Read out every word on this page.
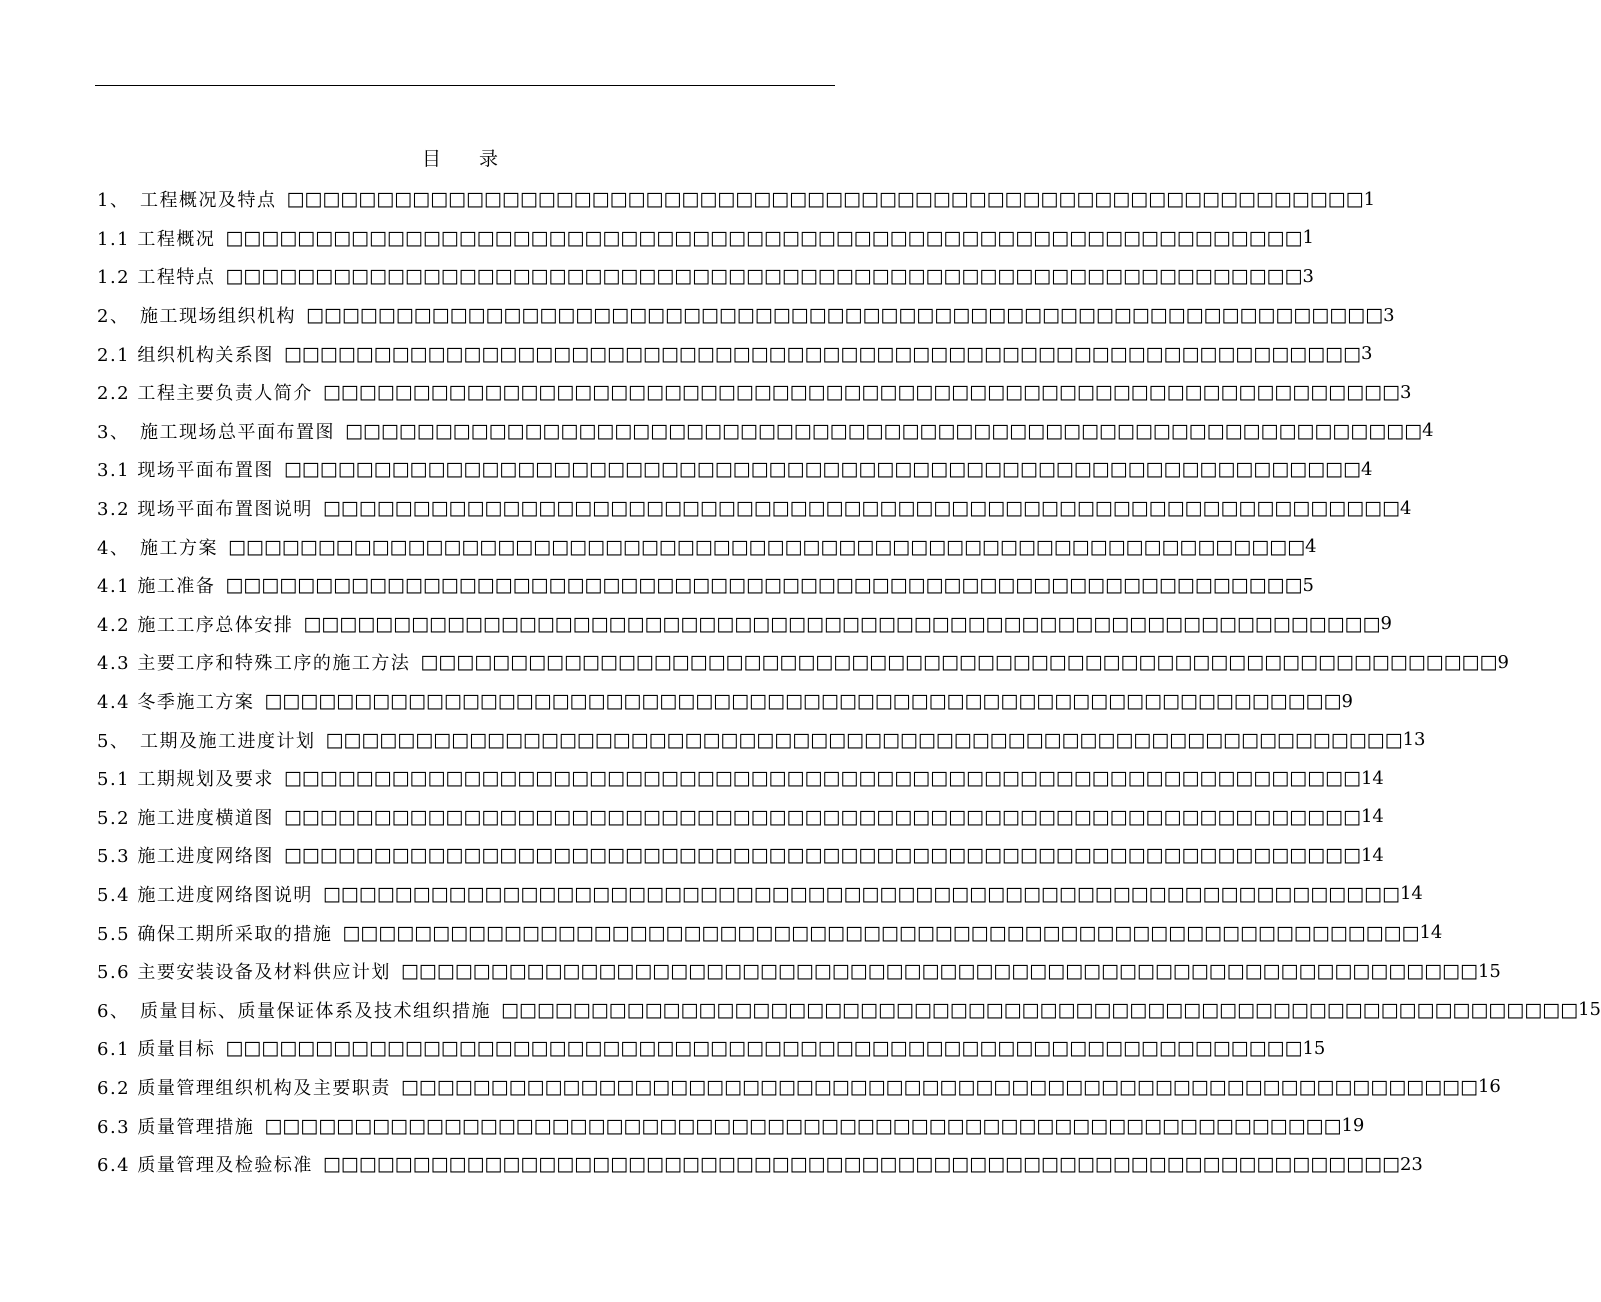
目　　录
1、　工程概况及特点 □□□□□□□□□□□□□□□□□□□□□□□□□□□□□□□□□□□□□□□□□□□□□□□□□□□□□□□□□□□□ 1
1.1 工程概况 □□□□□□□□□□□□□□□□□□□□□□□□□□□□□□□□□□□□□□□□□□□□□□□□□□□□□□□□□□□□ 1
1.2 工程特点 □□□□□□□□□□□□□□□□□□□□□□□□□□□□□□□□□□□□□□□□□□□□□□□□□□□□□□□□□□□□ 3
2、　施工现场组织机构 □□□□□□□□□□□□□□□□□□□□□□□□□□□□□□□□□□□□□□□□□□□□□□□□□□□□□□□□□□□□ 3
2.1 组织机构关系图 □□□□□□□□□□□□□□□□□□□□□□□□□□□□□□□□□□□□□□□□□□□□□□□□□□□□□□□□□□□□ 3
2.2 工程主要负责人简介 □□□□□□□□□□□□□□□□□□□□□□□□□□□□□□□□□□□□□□□□□□□□□□□□□□□□□□□□□□□□ 3
3、　施工现场总平面布置图 □□□□□□□□□□□□□□□□□□□□□□□□□□□□□□□□□□□□□□□□□□□□□□□□□□□□□□□□□□□□ 4
3.1 现场平面布置图 □□□□□□□□□□□□□□□□□□□□□□□□□□□□□□□□□□□□□□□□□□□□□□□□□□□□□□□□□□□□ 4
3.2 现场平面布置图说明 □□□□□□□□□□□□□□□□□□□□□□□□□□□□□□□□□□□□□□□□□□□□□□□□□□□□□□□□□□□□ 4
4、　施工方案 □□□□□□□□□□□□□□□□□□□□□□□□□□□□□□□□□□□□□□□□□□□□□□□□□□□□□□□□□□□□ 4
4.1 施工准备 □□□□□□□□□□□□□□□□□□□□□□□□□□□□□□□□□□□□□□□□□□□□□□□□□□□□□□□□□□□□ 5
4.2 施工工序总体安排 □□□□□□□□□□□□□□□□□□□□□□□□□□□□□□□□□□□□□□□□□□□□□□□□□□□□□□□□□□□□ 9
4.3 主要工序和特殊工序的施工方法 □□□□□□□□□□□□□□□□□□□□□□□□□□□□□□□□□□□□□□□□□□□□□□□□□□□□□□□□□□□□ 9
4.4 冬季施工方案 □□□□□□□□□□□□□□□□□□□□□□□□□□□□□□□□□□□□□□□□□□□□□□□□□□□□□□□□□□□□ 9
5、　工期及施工进度计划 □□□□□□□□□□□□□□□□□□□□□□□□□□□□□□□□□□□□□□□□□□□□□□□□□□□□□□□□□□□□ 13
5.1 工期规划及要求 □□□□□□□□□□□□□□□□□□□□□□□□□□□□□□□□□□□□□□□□□□□□□□□□□□□□□□□□□□□□ 14
5.2 施工进度横道图 □□□□□□□□□□□□□□□□□□□□□□□□□□□□□□□□□□□□□□□□□□□□□□□□□□□□□□□□□□□□ 14
5.3 施工进度网络图 □□□□□□□□□□□□□□□□□□□□□□□□□□□□□□□□□□□□□□□□□□□□□□□□□□□□□□□□□□□□ 14
5.4 施工进度网络图说明 □□□□□□□□□□□□□□□□□□□□□□□□□□□□□□□□□□□□□□□□□□□□□□□□□□□□□□□□□□□□ 14
5.5 确保工期所采取的措施 □□□□□□□□□□□□□□□□□□□□□□□□□□□□□□□□□□□□□□□□□□□□□□□□□□□□□□□□□□□□ 14
5.6 主要安装设备及材料供应计划 □□□□□□□□□□□□□□□□□□□□□□□□□□□□□□□□□□□□□□□□□□□□□□□□□□□□□□□□□□□□ 15
6、　质量目标、质量保证体系及技术组织措施 □□□□□□□□□□□□□□□□□□□□□□□□□□□□□□□□□□□□□□□□□□□□□□□□□□□□□□□□□□□□ 15
6.1 质量目标 □□□□□□□□□□□□□□□□□□□□□□□□□□□□□□□□□□□□□□□□□□□□□□□□□□□□□□□□□□□□ 15
6.2 质量管理组织机构及主要职责 □□□□□□□□□□□□□□□□□□□□□□□□□□□□□□□□□□□□□□□□□□□□□□□□□□□□□□□□□□□□ 16
6.3 质量管理措施 □□□□□□□□□□□□□□□□□□□□□□□□□□□□□□□□□□□□□□□□□□□□□□□□□□□□□□□□□□□□ 19
6.4 质量管理及检验标准 □□□□□□□□□□□□□□□□□□□□□□□□□□□□□□□□□□□□□□□□□□□□□□□□□□□□□□□□□□□□ 23
